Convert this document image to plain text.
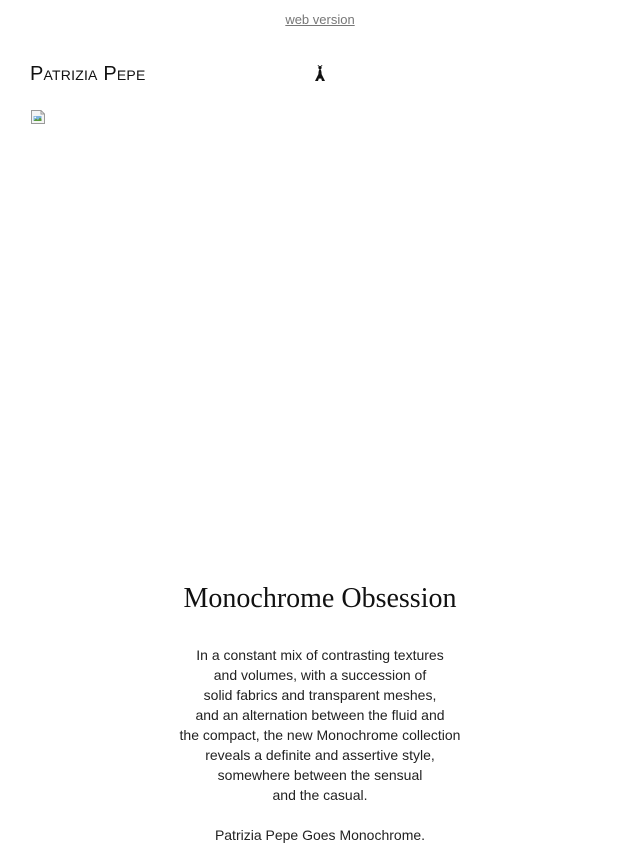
web version
Patrizia Pepe
Monochrome Obsession
In a constant mix of contrasting textures
and volumes, with a succession of
solid fabrics and transparent meshes,
and an alternation between the fluid and
the compact, the new Monochrome collection
reveals a definite and assertive style,
somewhere between the sensual
and the casual.
Patrizia Pepe Goes Monochrome.
